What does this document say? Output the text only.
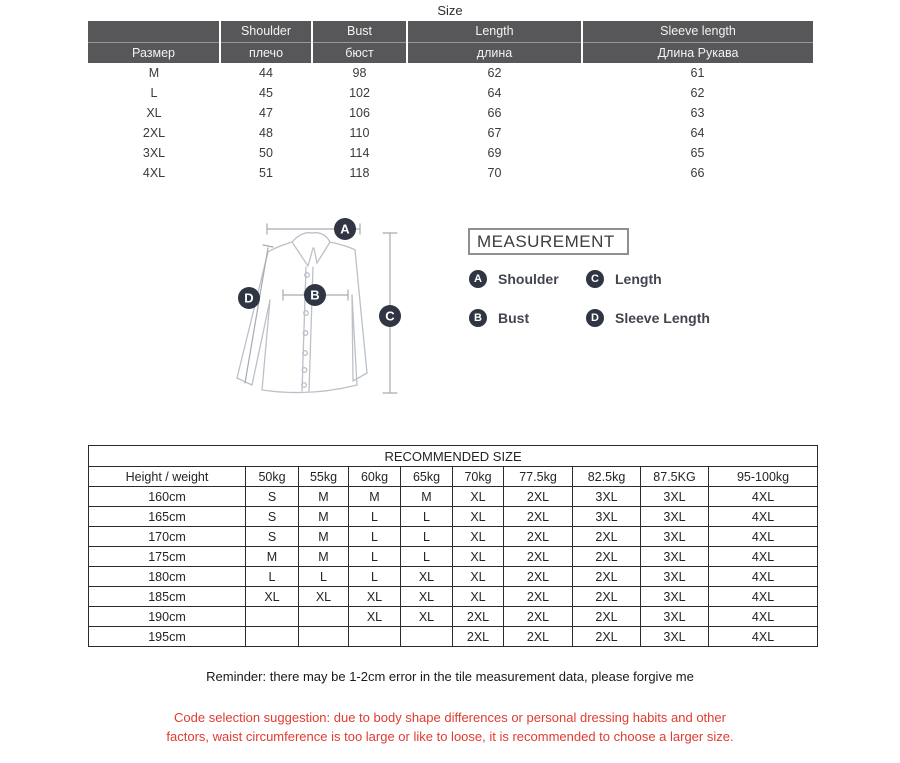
Size
	Shoulder	Bust	Length	Sleeve length
Размер	плечо	бюст	длина	Длина Рукава
M	44	98	62	61
L	45	102	64	62
XL	47	106	66	63
2XL	48	110	67	64
3XL	50	114	69	65
4XL	51	118	70	66
A
B
C
D
MEASUREMENT
A	Shoulder
B	Bust
C	Length
D	Sleeve Length
RECOMMENDED SIZE									
Height / weight	50kg	55kg	60kg	65kg	70kg	77.5kg	82.5kg	87.5KG	95-100kg
160cm	S	M	M	M	XL	2XL	3XL	3XL	4XL
165cm	S	M	L	L	XL	2XL	3XL	3XL	4XL
170cm	S	M	L	L	XL	2XL	2XL	3XL	4XL
175cm	M	M	L	L	XL	2XL	2XL	3XL	4XL
180cm	L	L	L	XL	XL	2XL	2XL	3XL	4XL
185cm	XL	XL	XL	XL	XL	2XL	2XL	3XL	4XL
190cm			XL	XL	2XL	2XL	2XL	3XL	4XL
195cm					2XL	2XL	2XL	3XL	4XL
Reminder: there may be 1-2cm error in the tile measurement data, please forgive me
Code selection suggestion: due to body shape differences or personal dressing habits and other
factors, waist circumference is too large or like to loose, it is recommended to choose a larger size.
